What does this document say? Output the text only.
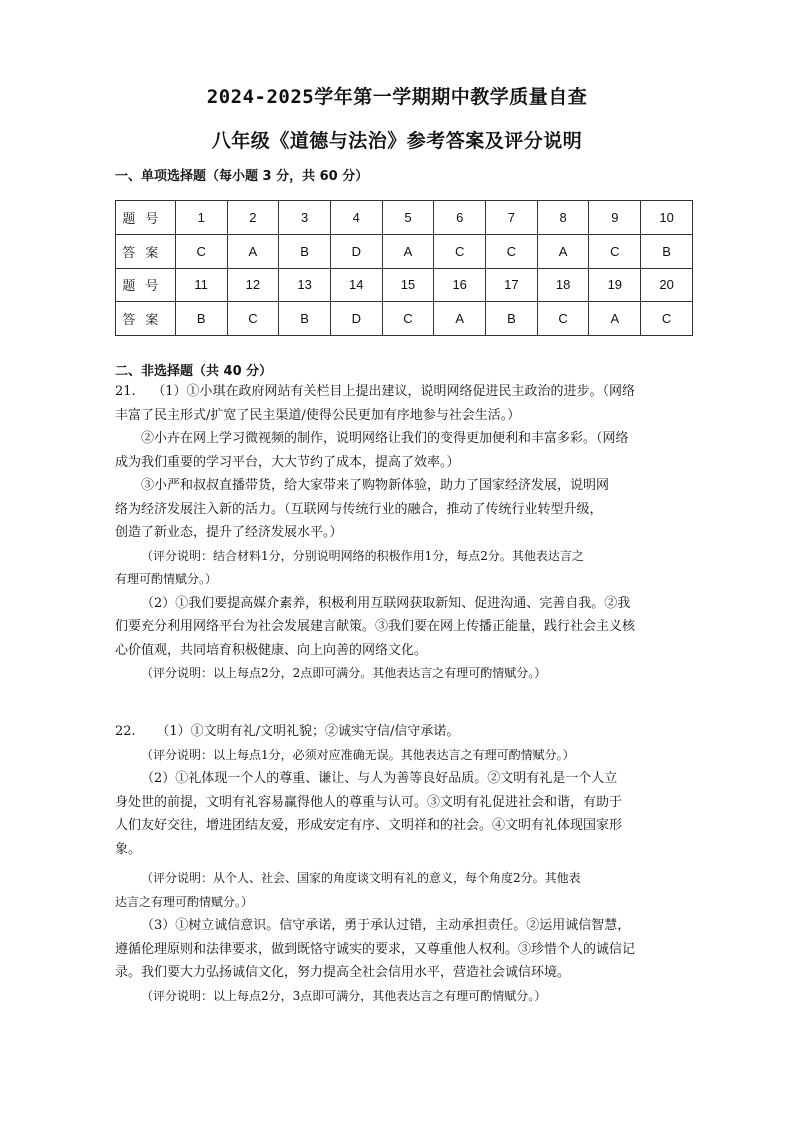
2024-2025学年第一学期期中教学质量自查
八年级《道德与法治》参考答案及评分说明
一、单项选择题（每小题 3 分，共 60 分）
题号	1	2	3	4	5	6	7	8	9	10
答案	C	A	B	D	A	C	C	A	C	B
题号	11	12	13	14	15	16	17	18	19	20
答案	B	C	B	D	C	A	B	C	A	C
二、非选择题（共 40 分）
21.    （1）①小琪在政府网站有关栏目上提出建议，说明网络促进民主政治的进步。（网络
丰富了民主形式/扩宽了民主渠道/使得公民更加有序地参与社会生活。）
②小卉在网上学习微视频的制作，说明网络让我们的变得更加便利和丰富多彩。（网络
成为我们重要的学习平台，大大节约了成本，提高了效率。）
③小严和叔叔直播带货，给大家带来了购物新体验，助力了国家经济发展，说明网
络为经济发展注入新的活力。（互联网与传统行业的融合，推动了传统行业转型升级，
创造了新业态，提升了经济发展水平。）
（评分说明：结合材料1分，分别说明网络的积极作用1分，每点2分。其他表达言之
有理可酌情赋分。）
（2）①我们要提高媒介素养，积极利用互联网获取新知、促进沟通、完善自我。②我
们要充分利用网络平台为社会发展建言献策。③我们要在网上传播正能量，践行社会主义核
心价值观，共同培育积极健康、向上向善的网络文化。
（评分说明：以上每点2分，2点即可满分。其他表达言之有理可酌情赋分。）
22.     （1）①文明有礼/文明礼貌；②诚实守信/信守承诺。
（评分说明：以上每点1分，必须对应准确无误。其他表达言之有理可酌情赋分。）
（2）①礼体现一个人的尊重、谦让、与人为善等良好品质。②文明有礼是一个人立
身处世的前提，文明有礼容易赢得他人的尊重与认可。③文明有礼促进社会和谐，有助于
人们友好交往，增进团结友爱，形成安定有序、文明祥和的社会。④文明有礼体现国家形
象。
（评分说明：从个人、社会、国家的角度谈文明有礼的意义，每个角度2分。其他表
达言之有理可酌情赋分。）
（3）①树立诚信意识。信守承诺，勇于承认过错，主动承担责任。②运用诚信智慧，
遵循伦理原则和法律要求，做到既恪守诚实的要求，又尊重他人权利。③珍惜个人的诚信记
录。我们要大力弘扬诚信文化，努力提高全社会信用水平，营造社会诚信环境。
（评分说明：以上每点2分，3点即可满分，其他表达言之有理可酌情赋分。）
